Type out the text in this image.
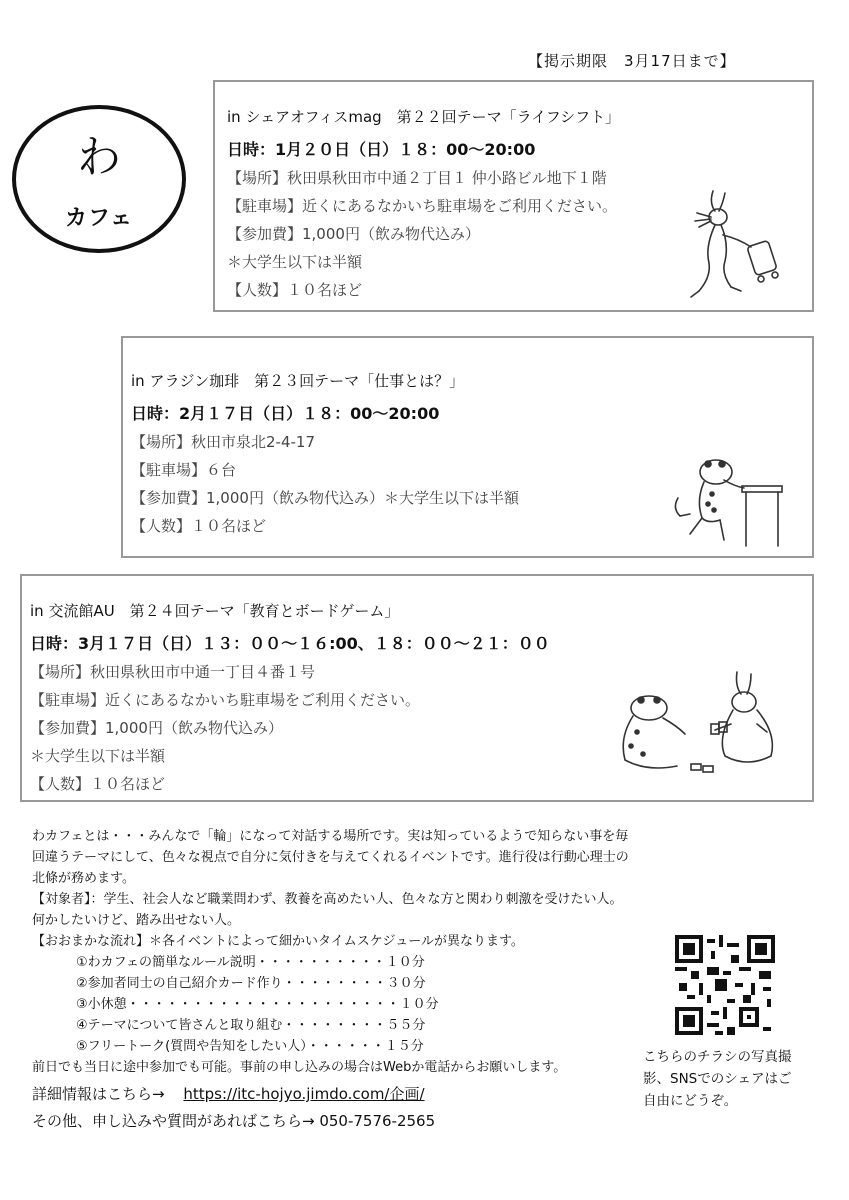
【掲示期限　3月17日まで】
わ
カフェ
in シェアオフィスmag　第２２回テーマ「ライフシフト」
日時：1月２０日（日）１８：00～20:00
【場所】秋田県秋田市中通２丁目１ 仲小路ビル地下１階
【駐車場】近くにあるなかいち駐車場をご利用ください。
【参加費】1,000円（飲み物代込み）
＊大学生以下は半額
【人数】１０名ほど
in アラジン珈琲　第２３回テーマ「仕事とは？」
日時：2月１７日（日）１８：00～20:00
【場所】秋田市泉北2-4-17
【駐車場】６台
【参加費】1,000円（飲み物代込み）＊大学生以下は半額
【人数】１０名ほど
in 交流館AU　第２４回テーマ「教育とボードゲーム」
日時：3月１７日（日）１３：００～１６:00、１８：００～２１：００
【場所】秋田県秋田市中通一丁目４番１号
【駐車場】近くにあるなかいち駐車場をご利用ください。
【参加費】1,000円（飲み物代込み）
＊大学生以下は半額
【人数】１０名ほど

わカフェとは・・・みんなで「輪」になって対話する場所です。実は知っているようで知らない事を毎回違うテーマにして、色々な視点で自分に気付きを与えてくれるイベントです。進行役は行動心理士の北條が務めます。

【対象者】：学生、社会人など職業問わず、教養を高めたい人、色々な方と関わり刺激を受けたい人。何かしたいけど、踏み出せない人。

【おおまかな流れ】＊各イベントによって細かいタイムスケジュールが異なります。

①わカフェの簡単なルール説明・・・・・・・・・・１０分

②参加者同士の自己紹介カード作り・・・・・・・・３０分

③小休憩・・・・・・・・・・・・・・・・・・・・・１０分

④テーマについて皆さんと取り組む・・・・・・・・５５分

⑤フリートーク(質問や告知をしたい人）・・・・・・１５分

前日でも当日に途中参加でも可能。事前の申し込みの場合はWebか電話からお願いします。

詳細情報はこちら→ https://itc-hojyo.jimdo.com/企画/
その他、申し込みや質問があればこちら→ 050-7576-2565
こちらのチラシの写真撮影、SNSでのシェアはご自由にどうぞ。
